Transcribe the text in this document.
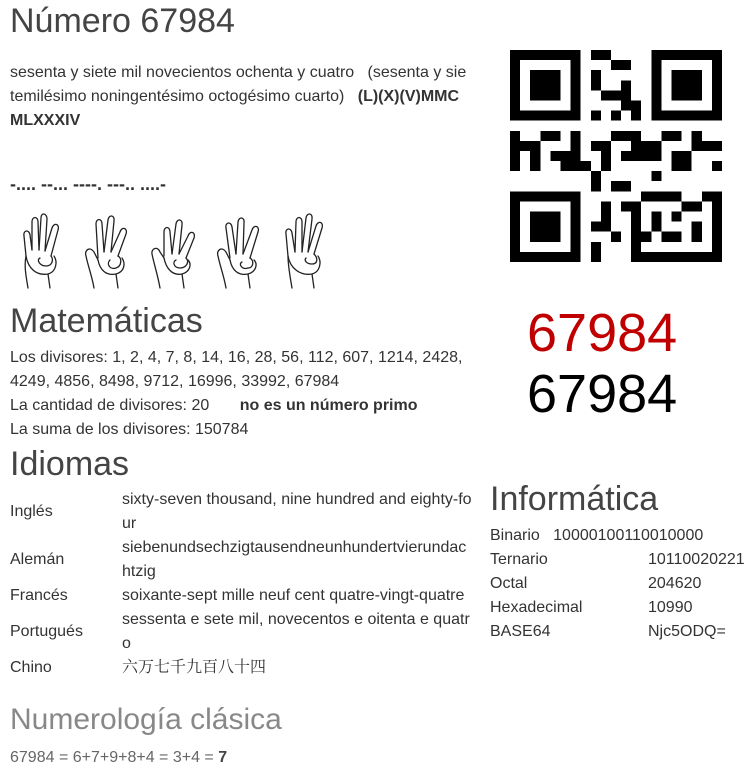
Número 67984
sesenta y siete mil novecientos ochenta y cuatro (sesenta y sie temilésimo noningentésimo octogésimo cuarto) (L)(X)(V)MMC MLXXXIV
-.... --... ----. ---.. ....-
Matemáticas
Los divisores: 1, 2, 4, 7, 8, 14, 16, 28, 56, 112, 607, 1214, 2428, 4249, 4856, 8498, 9712, 16996, 33992, 67984
La cantidad de divisores: 20 no es un número primo
La suma de los divisores: 150784
Idiomas
Inglés	sixty-seven thousand, nine hundred and eighty-four
Alemán	siebenundsechzigtausendneunhundertvierundachtzig
Francés	soixante-sept mille neuf cent quatre-vingt-quatre
Portugués	sessenta e sete mil, novecentos e oitenta e quatro
Chino	六万七千九百八十四
67984
67984
Informática
Binario 10000100110010000	
Ternario	10110020221
Octal	204620
Hexadecimal	10990
BASE64	Njc5ODQ=
Numerología clásica
67984 = 6+7+9+8+4 = 3+4 = 7
